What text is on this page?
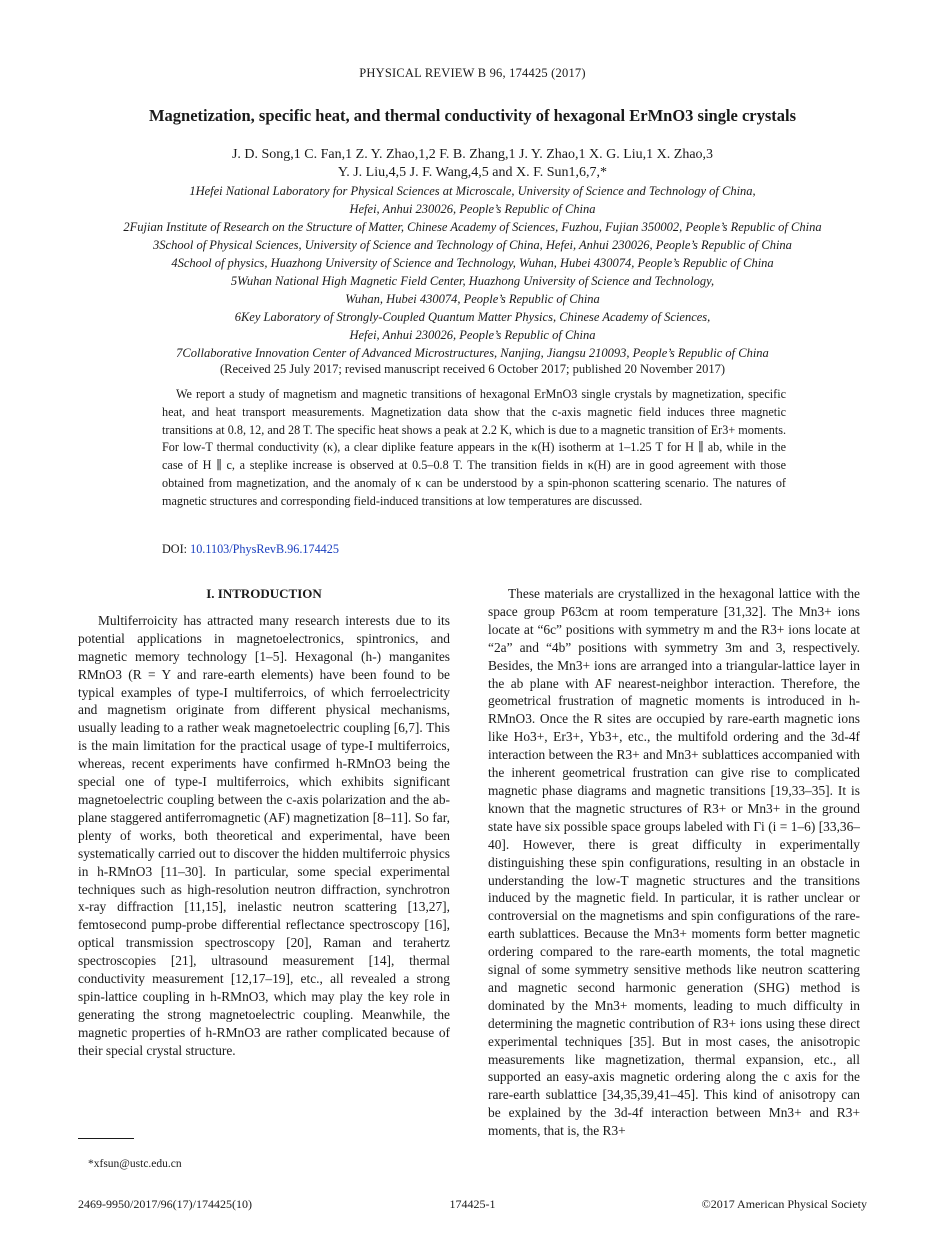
PHYSICAL REVIEW B 96, 174425 (2017)
Magnetization, specific heat, and thermal conductivity of hexagonal ErMnO3 single crystals
J. D. Song,1 C. Fan,1 Z. Y. Zhao,1,2 F. B. Zhang,1 J. Y. Zhao,1 X. G. Liu,1 X. Zhao,3
Y. J. Liu,4,5 J. F. Wang,4,5 and X. F. Sun1,6,7,*
1Hefei National Laboratory for Physical Sciences at Microscale, University of Science and Technology of China,
Hefei, Anhui 230026, People’s Republic of China
2Fujian Institute of Research on the Structure of Matter, Chinese Academy of Sciences, Fuzhou, Fujian 350002, People’s Republic of China
3School of Physical Sciences, University of Science and Technology of China, Hefei, Anhui 230026, People’s Republic of China
4School of physics, Huazhong University of Science and Technology, Wuhan, Hubei 430074, People’s Republic of China
5Wuhan National High Magnetic Field Center, Huazhong University of Science and Technology,
Wuhan, Hubei 430074, People’s Republic of China
6Key Laboratory of Strongly-Coupled Quantum Matter Physics, Chinese Academy of Sciences,
Hefei, Anhui 230026, People’s Republic of China
7Collaborative Innovation Center of Advanced Microstructures, Nanjing, Jiangsu 210093, People’s Republic of China
(Received 25 July 2017; revised manuscript received 6 October 2017; published 20 November 2017)
We report a study of magnetism and magnetic transitions of hexagonal ErMnO3 single crystals by magnetization, specific heat, and heat transport measurements. Magnetization data show that the c-axis magnetic field induces three magnetic transitions at 0.8, 12, and 28 T. The specific heat shows a peak at 2.2 K, which is due to a magnetic transition of Er3+ moments. For low-T thermal conductivity (κ), a clear diplike feature appears in the κ(H) isotherm at 1–1.25 T for H ∥ ab, while in the case of H ∥ c, a steplike increase is observed at 0.5–0.8 T. The transition fields in κ(H) are in good agreement with those obtained from magnetization, and the anomaly of κ can be understood by a spin-phonon scattering scenario. The natures of magnetic structures and corresponding field-induced transitions at low temperatures are discussed.
DOI: 10.1103/PhysRevB.96.174425
I. INTRODUCTION

Multiferroicity has attracted many research interests due to its potential applications in magnetoelectronics, spintronics, and magnetic memory technology [1–5]. Hexagonal (h-) manganites RMnO3 (R = Y and rare-earth elements) have been found to be typical examples of type-I multiferroics, of which ferroelectricity and magnetism originate from different physical mechanisms, usually leading to a rather weak magnetoelectric coupling [6,7]. This is the main limitation for the practical usage of type-I multiferroics, whereas, recent experiments have confirmed h-RMnO3 being the special one of type-I multiferroics, which exhibits significant magnetoelectric coupling between the c-axis polarization and the ab-plane staggered antiferromagnetic (AF) magnetization [8–11]. So far, plenty of works, both theoretical and experimental, have been systematically carried out to discover the hidden multiferroic physics in h-RMnO3 [11–30]. In particular, some special experimental techniques such as high-resolution neutron diffraction, synchrotron x-ray diffraction [11,15], inelastic neutron scattering [13,27], femtosecond pump-probe differential reflectance spectroscopy [16], optical transmission spectroscopy [20], Raman and terahertz spectroscopies [21], ultrasound measurement [14], thermal conductivity measurement [12,17–19], etc., all revealed a strong spin-lattice coupling in h-RMnO3, which may play the key role in generating the strong magnetoelectric coupling. Meanwhile, the magnetic properties of h-RMnO3 are rather complicated because of their special crystal structure.

These materials are crystallized in the hexagonal lattice with the space group P63cm at room temperature [31,32]. The Mn3+ ions locate at “6c” positions with symmetry m and the R3+ ions locate at “2a” and “4b” positions with symmetry 3m and 3, respectively. Besides, the Mn3+ ions are arranged into a triangular-lattice layer in the ab plane with AF nearest-neighbor interaction. Therefore, the geometrical frustration of magnetic moments is introduced in h-RMnO3. Once the R sites are occupied by rare-earth magnetic ions like Ho3+, Er3+, Yb3+, etc., the multifold ordering and the 3d-4f interaction between the R3+ and Mn3+ sublattices accompanied with the inherent geometrical frustration can give rise to complicated magnetic phase diagrams and magnetic transitions [19,33–35]. It is known that the magnetic structures of R3+ or Mn3+ in the ground state have six possible space groups labeled with Γi (i = 1–6) [33,36–40]. However, there is great difficulty in experimentally distinguishing these spin configurations, resulting in an obstacle in understanding the low-T magnetic structures and the transitions induced by the magnetic field. In particular, it is rather unclear or controversial on the magnetisms and spin configurations of the rare-earth sublattices. Because the Mn3+ moments form better magnetic ordering compared to the rare-earth moments, the total magnetic signal of some symmetry sensitive methods like neutron scattering and magnetic second harmonic generation (SHG) method is dominated by the Mn3+ moments, leading to much difficulty in determining the magnetic contribution of R3+ ions using these direct experimental techniques [35]. But in most cases, the anisotropic measurements like magnetization, thermal expansion, etc., all supported an easy-axis magnetic ordering along the c axis for the rare-earth sublattice [34,35,39,41–45]. This kind of anisotropy can be explained by the 3d-4f interaction between Mn3+ and R3+ moments, that is, the R3+

*xfsun@ustc.edu.cn
2469-9950/2017/96(17)/174425(10)	174425-1	©2017 American Physical Society
